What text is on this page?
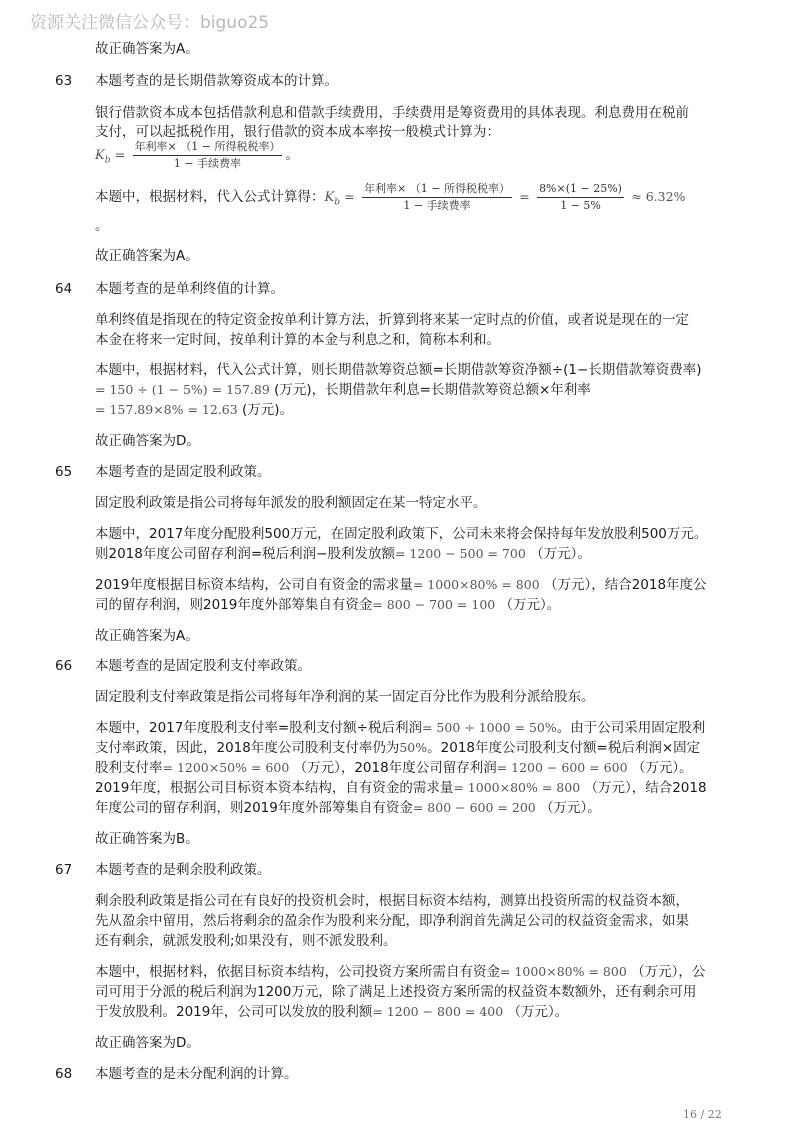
资源关注微信公众号：biguo25
故正确答案为A。
63 本题考查的是长期借款筹资成本的计算。
银行借款资本成本包括借款利息和借款手续费用，手续费用是筹资费用的具体表现。利息费用在税前
支付，可以起抵税作用，银行借款的资本成本率按一般模式计算为：
$K_b = \frac{\text{年利率× （1 − 所得税税率）}}{\text{1 − 手续费率}}$ 。
本题中，根据材料，代入公式计算得：$K_b = \frac{\text{年利率× （1 − 所得税税率）}}{\text{1 − 手续费率}} = \frac{8\%\times(1 - 25\%)}{1 - 5\%} \approx 6.32\%$
。
故正确答案为A。
64 本题考查的是单利终值的计算。
单利终值是指现在的特定资金按单利计算方法，折算到将来某一定时点的价值，或者说是现在的一定
本金在将来一定时间，按单利计算的本金与利息之和，简称本利和。
本题中，根据材料，代入公式计算，则长期借款筹资总额=长期借款筹资净额÷(1−长期借款筹资费率)
= 150 ÷ (1 − 5%) = 157.89 (万元)，长期借款年利息=长期借款筹资总额×年利率
= 157.89×8% = 12.63 (万元)。
故正确答案为D。
65 本题考查的是固定股利政策。
固定股利政策是指公司将每年派发的股利额固定在某一特定水平。
本题中，2017年度分配股利500万元，在固定股利政策下，公司未来将会保持每年发放股利500万元。
则2018年度公司留存利润=税后利润−股利发放额= 1200 − 500 = 700 （万元）。
2019年度根据目标资本结构，公司自有资金的需求量= 1000×80% = 800 （万元），结合2018年度公
司的留存利润，则2019年度外部筹集自有资金= 800 − 700 = 100 （万元）。
故正确答案为A。
66 本题考查的是固定股利支付率政策。
固定股利支付率政策是指公司将每年净利润的某一固定百分比作为股利分派给股东。
本题中，2017年度股利支付率=股利支付额÷税后利润= 500 ÷ 1000 = 50%。由于公司采用固定股利
支付率政策，因此，2018年度公司股利支付率仍为50%。2018年度公司股利支付额=税后利润×固定
股利支付率= 1200×50% = 600 （万元），2018年度公司留存利润= 1200 − 600 = 600 （万元）。
2019年度，根据公司目标资本资本结构，自有资金的需求量= 1000×80% = 800 （万元），结合2018
年度公司的留存利润，则2019年度外部筹集自有资金= 800 − 600 = 200 （万元）。
故正确答案为B。
67 本题考查的是剩余股利政策。
剩余股利政策是指公司在有良好的投资机会时，根据目标资本结构，测算出投资所需的权益资本额，
先从盈余中留用，然后将剩余的盈余作为股利来分配，即净利润首先满足公司的权益资金需求，如果
还有剩余，就派发股利;如果没有，则不派发股利。
本题中，根据材料，依据目标资本结构，公司投资方案所需自有资金= 1000×80% = 800 （万元），公
司可用于分派的税后利润为1200万元，除了满足上述投资方案所需的权益资本数额外，还有剩余可用
于发放股利。2019年，公司可以发放的股利额= 1200 − 800 = 400 （万元）。
故正确答案为D。
68 本题考查的是未分配利润的计算。
16 / 22
